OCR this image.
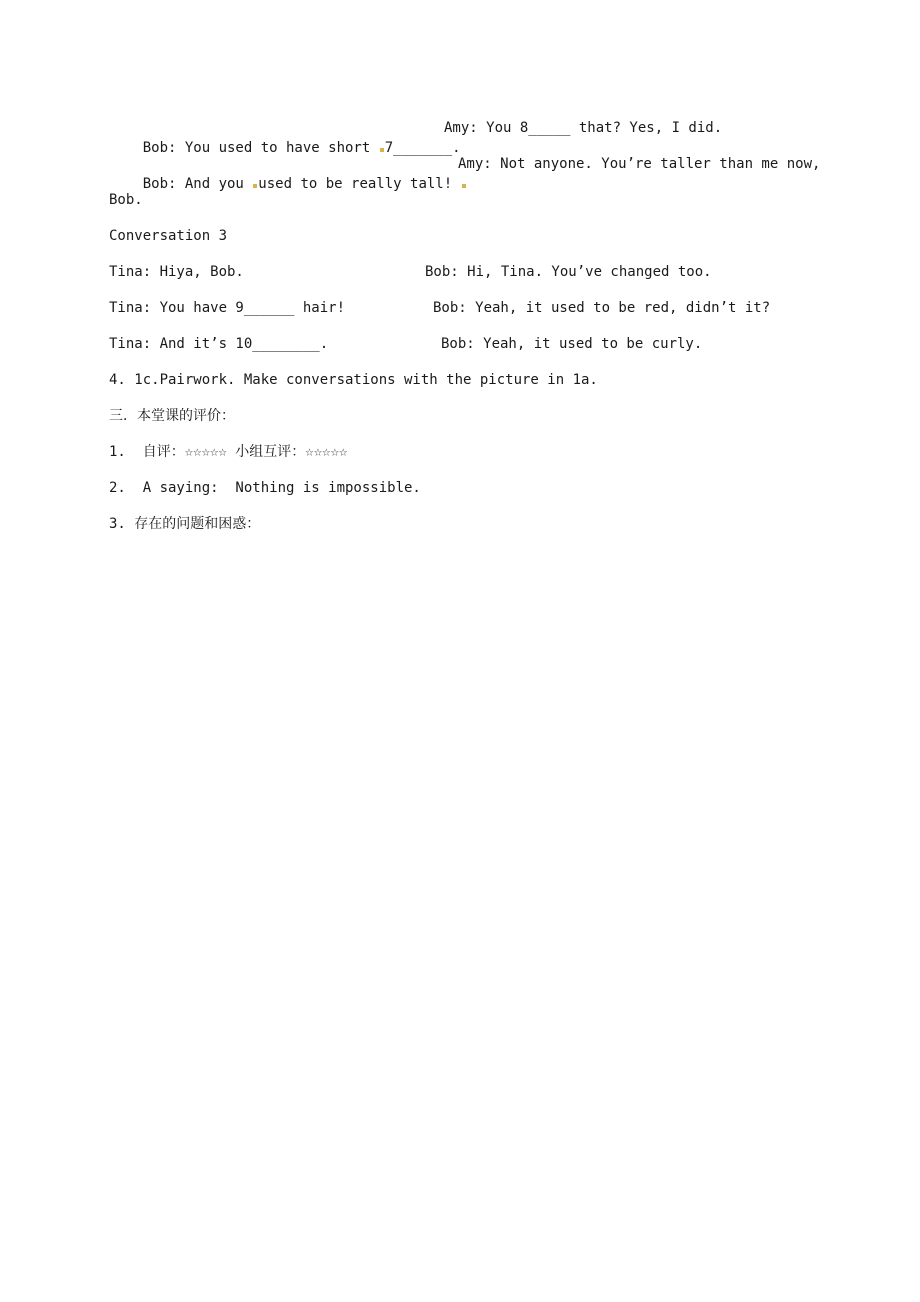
Bob: You used to have short 7_______.

Amy: You 8_____ that? Yes, I did.

Bob: And you used to be really tall!

Amy: Not anyone. You’re taller than me now,
Bob.
Conversation 3
Tina: Hiya, Bob.	Bob: Hi, Tina. You’ve changed too.
Tina: You have 9______ hair!	Bob: Yeah, it used to be red, didn’t it?
Tina: And it’s 10________.	Bob: Yeah, it used to be curly.
4. 1c.Pairwork. Make conversations with the picture in 1a.
三．本堂课的评价：
1.  自评：☆☆☆☆☆ 小组互评：☆☆☆☆☆
2.  A saying:  Nothing is impossible.
3. 存在的问题和困惑：
